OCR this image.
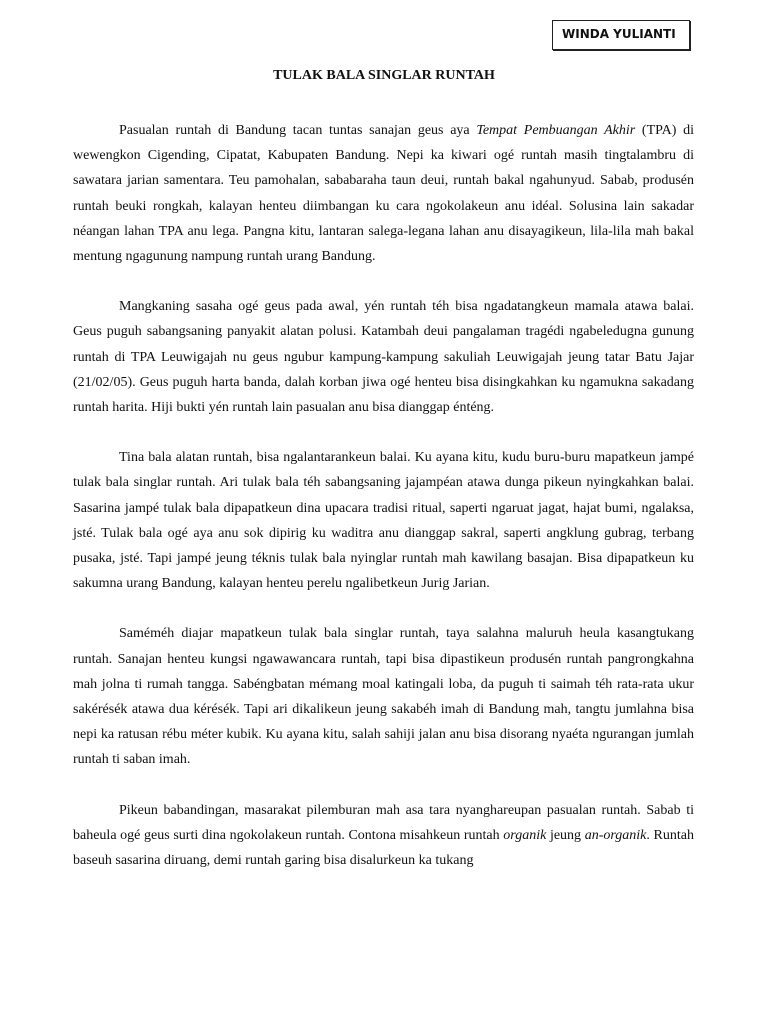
WINDA YULIANTI
TULAK BALA SINGLAR RUNTAH

Pasualan runtah di Bandung tacan tuntas sanajan geus aya Tempat Pembuangan Akhir (TPA) di wewengkon Cigending, Cipatat, Kabupaten Bandung. Nepi ka kiwari ogé runtah masih tingtalambru di sawatara jarian samentara. Teu pamohalan, sababaraha taun deui, runtah bakal ngahunyud. Sabab, produsén runtah beuki rongkah, kalayan henteu diimbangan ku cara ngokolakeun anu idéal. Solusina lain sakadar néangan lahan TPA anu lega. Pangna kitu, lantaran salega-legana lahan anu disayagikeun, lila-lila mah bakal mentung ngagunung nampung runtah urang Bandung.

Mangkaning sasaha ogé geus pada awal, yén runtah téh bisa ngadatangkeun mamala atawa balai. Geus puguh sabangsaning panyakit alatan polusi. Katambah deui pangalaman tragédi ngabeledugna gunung runtah di TPA Leuwigajah nu geus ngubur kampung-kampung sakuliah Leuwigajah jeung tatar Batu Jajar (21/02/05). Geus puguh harta banda, dalah korban jiwa ogé henteu bisa disingkahkan ku ngamukna sakadang runtah harita. Hiji bukti yén runtah lain pasualan anu bisa dianggap énténg.

Tina bala alatan runtah, bisa ngalantarankeun balai. Ku ayana kitu, kudu buru-buru mapatkeun jampé tulak bala singlar runtah. Ari tulak bala téh sabangsaning jajampéan atawa dunga pikeun nyingkahkan balai. Sasarina jampé tulak bala dipapatkeun dina upacara tradisi ritual, saperti ngaruat jagat, hajat bumi, ngalaksa, jsté. Tulak bala ogé aya anu sok dipirig ku waditra anu dianggap sakral, saperti angklung gubrag, terbang pusaka, jsté. Tapi jampé jeung téknis tulak bala nyinglar runtah mah kawilang basajan. Bisa dipapatkeun ku sakumna urang Bandung, kalayan henteu perelu ngalibetkeun Jurig Jarian.

Saméméh diajar mapatkeun tulak bala singlar runtah, taya salahna maluruh heula kasangtukang runtah. Sanajan henteu kungsi ngawawancara runtah, tapi bisa dipastikeun produsén runtah pangrongkahna mah jolna ti rumah tangga. Sabéngbatan mémang moal katingali loba, da puguh ti saimah téh rata-rata ukur sakérésék atawa dua kérésék. Tapi ari dikalikeun jeung sakabéh imah di Bandung mah, tangtu jumlahna bisa nepi ka ratusan rébu méter kubik. Ku ayana kitu, salah sahiji jalan anu bisa disorang nyaéta ngurangan jumlah runtah ti saban imah.

Pikeun babandingan, masarakat pilemburan mah asa tara nyanghareupan pasualan runtah. Sabab ti baheula ogé geus surti dina ngokolakeun runtah. Contona misahkeun runtah organik jeung an-organik. Runtah baseuh sasarina diruang, demi runtah garing bisa disalurkeun ka tukang
